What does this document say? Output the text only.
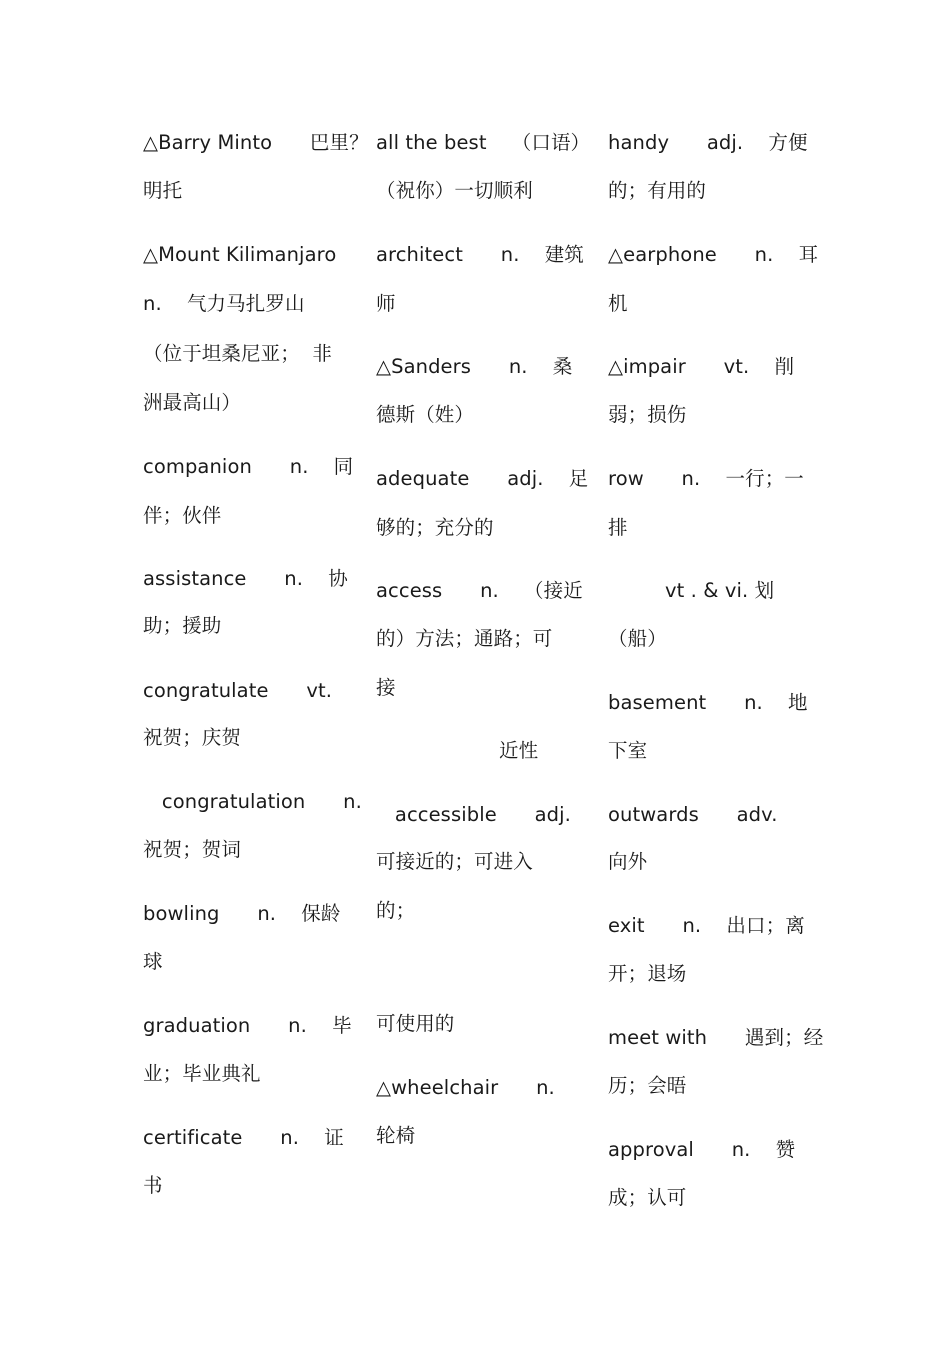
△Barry Minto      巴里？
明托
△Mount Kilimanjaro
n.    气力马扎罗山
（位于坦桑尼亚；  非
洲最高山）
companion      n.    同
伴；伙伴
assistance      n.    协
助；援助
congratulate      vt.
祝贺；庆贺
congratulation      n.
祝贺；贺词
bowling      n.    保龄
球
graduation      n.    毕
业；毕业典礼
certificate      n.    证
书
all the best    （口语）
（祝你）一切顺利
architect      n.    建筑
师
△Sanders      n.    桑
德斯（姓）
adequate      adj.    足
够的；充分的
access      n.    （接近
的）方法；通路；可
接
近性
accessible      adj.
可接近的；可进入
的；
可使用的
△wheelchair      n.
轮椅
handy      adj.    方便
的；有用的
△earphone      n.    耳
机
△impair      vt.    削
弱；损伤
row      n.    一行；一
排
vt . & vi. 划
（船）
basement      n.    地
下室
outwards      adv.
向外
exit      n.    出口；离
开；退场
meet with      遇到；经
历；会晤
approval      n.    赞
成；认可
